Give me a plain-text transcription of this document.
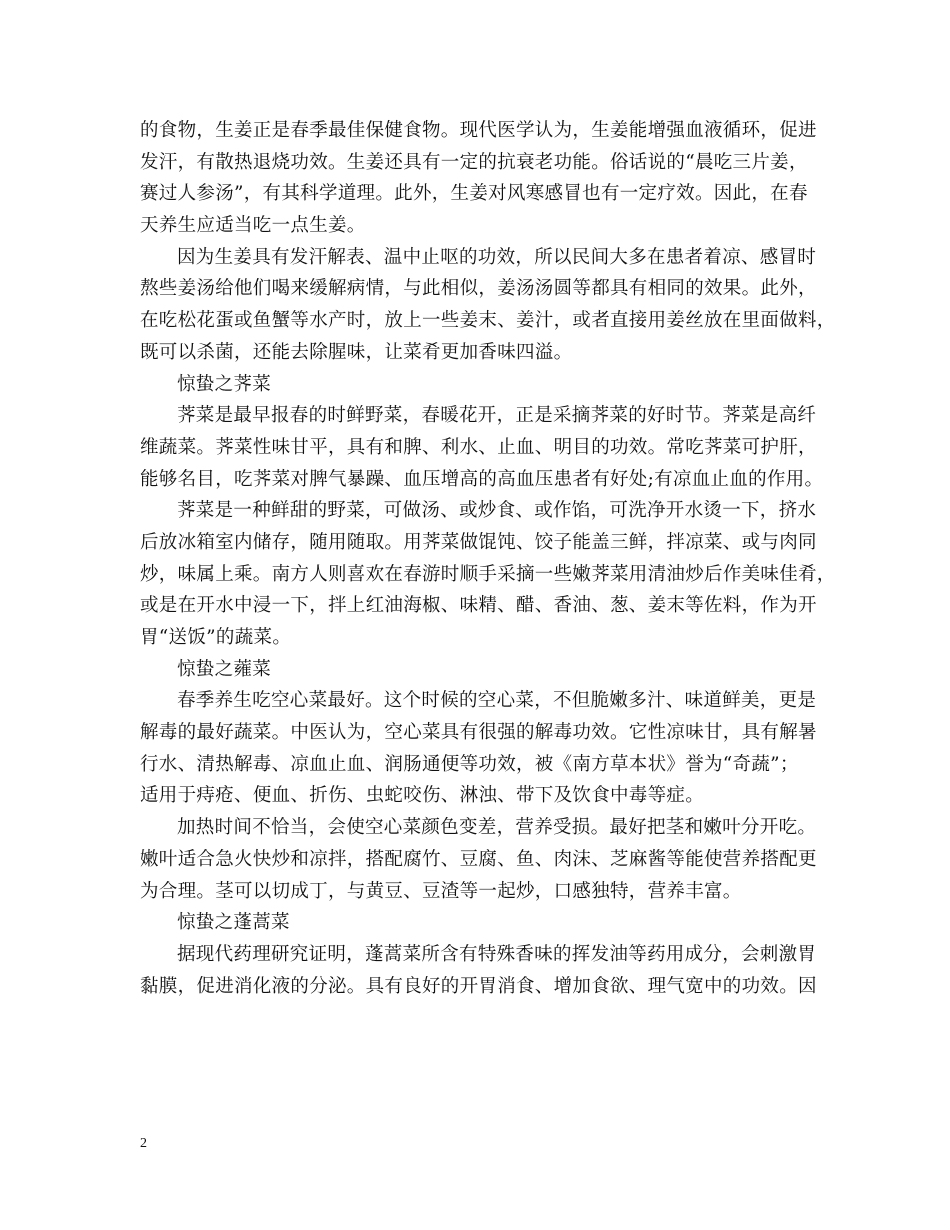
的食物，生姜正是春季最佳保健食物。现代医学认为，生姜能增强血液循环，促进
发汗，有散热退烧功效。生姜还具有一定的抗衰老功能。俗话说的“晨吃三片姜，
赛过人参汤”，有其科学道理。此外，生姜对风寒感冒也有一定疗效。因此，在春
天养生应适当吃一点生姜。
因为生姜具有发汗解表、温中止呕的功效，所以民间大多在患者着凉、感冒时
熬些姜汤给他们喝来缓解病情，与此相似，姜汤汤圆等都具有相同的效果。此外，
在吃松花蛋或鱼蟹等水产时，放上一些姜末、姜汁，或者直接用姜丝放在里面做料，
既可以杀菌，还能去除腥味，让菜肴更加香味四溢。
惊蛰之荠菜
荠菜是最早报春的时鲜野菜，春暖花开，正是采摘荠菜的好时节。荠菜是高纤
维蔬菜。荠菜性味甘平，具有和脾、利水、止血、明目的功效。常吃荠菜可护肝，
能够名目，吃荠菜对脾气暴躁、血压增高的高血压患者有好处;有凉血止血的作用。
荠菜是一种鲜甜的野菜，可做汤、或炒食、或作馅，可洗净开水烫一下，挤水
后放冰箱室内储存，随用随取。用荠菜做馄饨、饺子能盖三鲜，拌凉菜、或与肉同
炒，味属上乘。南方人则喜欢在春游时顺手采摘一些嫩荠菜用清油炒后作美味佳肴，
或是在开水中浸一下，拌上红油海椒、味精、醋、香油、葱、姜末等佐料，作为开
胃“送饭”的蔬菜。
惊蛰之蕹菜
春季养生吃空心菜最好。这个时候的空心菜，不但脆嫩多汁、味道鲜美，更是
解毒的最好蔬菜。中医认为，空心菜具有很强的解毒功效。它性凉味甘，具有解暑
行水、清热解毒、凉血止血、润肠通便等功效，被《南方草本状》誉为“奇蔬”；
适用于痔疮、便血、折伤、虫蛇咬伤、淋浊、带下及饮食中毒等症。
加热时间不恰当，会使空心菜颜色变差，营养受损。最好把茎和嫩叶分开吃。
嫩叶适合急火快炒和凉拌，搭配腐竹、豆腐、鱼、肉沫、芝麻酱等能使营养搭配更
为合理。茎可以切成丁，与黄豆、豆渣等一起炒，口感独特，营养丰富。
惊蛰之蓬蒿菜
据现代药理研究证明，蓬蒿菜所含有特殊香味的挥发油等药用成分，会刺激胃
黏膜，促进消化液的分泌。具有良好的开胃消食、增加食欲、理气宽中的功效。因
2
